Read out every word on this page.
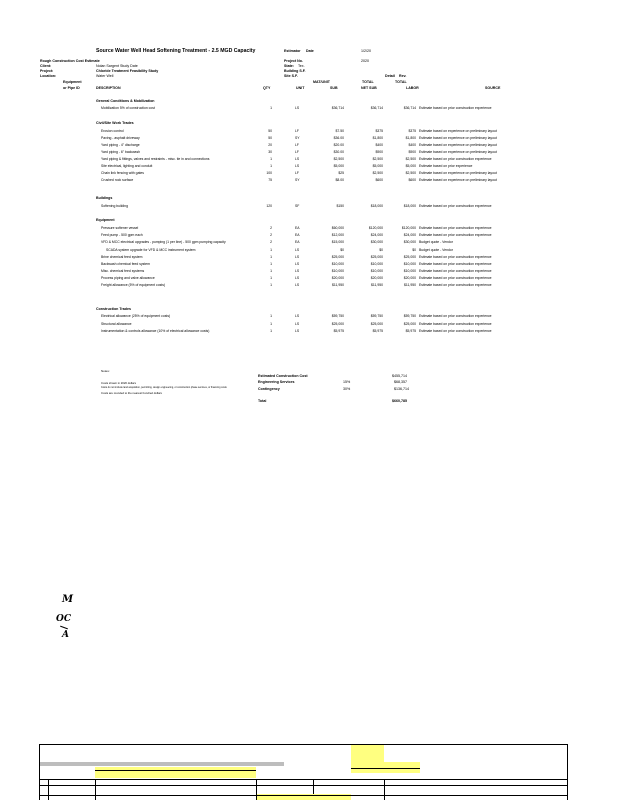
Source Water Well Head Softening Treatment - 2.5 MGD Capacity	Estimator Date	1/2/20
Rough Construction Cost Estimate	Project No.	2020
Client:	Nolan Sargent Study Date	State: Tex.
Project:	Chloride Treatment Feasibility Study	Building S.F.
Location:	Water Well	Site S.F.	Detail Rev.
Equipment	MAT/UNIT	TOTAL	TOTAL
or Pipe ID	DESCRIPTION	QTY	UNIT	SUB	NET SUB	LABOR	SOURCE
General Conditions & Mobilization
Mobilization 5% of construction cost	1	LS	$36,714	$36,714	$36,714 Estimate based on prior construction experience
Civil/Site Work Trades
Erosion control	50	LF	$7.50	$375	$375 Estimate based on experience on preliminary layout
Paving - asphalt driveway	50	SY	$36.00	$1,800	$1,800 Estimate based on experience on preliminary layout
Yard piping - 4" discharge	20	LF	$20.00	$400	$400 Estimate based on experience on preliminary layout
Yard piping - 6" backwash	30	LF	$30.00	$900	$900 Estimate based on experience on preliminary layout
Yard piping & fittings, valves and restraints - misc. tie in and connections	1	LS	$2,500	$2,500	$2,500 Estimate based on prior construction experience
Site electrical, lighting and conduit	1	LS	$5,000	$5,000	$5,000 Estimate based on prior experience
Chain link fencing with gates	100	LF	$25	$2,500	$2,500 Estimate based on experience on preliminary layout
Crushed rock surface	75	SY	$8.00	$600	$600 Estimate based on experience on preliminary layout
Buildings
Softening building	120	SF	$150	$18,000	$18,000 Estimate based on prior construction experience
Equipment
Pressure softener vessel	2	EA	$60,000	$120,000	$120,000 Estimate based on prior construction experience
Feed pump - 500 gpm each	2	EA	$12,000	$24,000	$24,000 Estimate based on prior construction experience
VFD & MCC electrical upgrades - pumping (1 per line) - 500 gpm pumping capacity	2	EA	$15,000	$30,000	$30,000 Budget quote - Vendor
SCADA system upgrade for VFD & MCC instrument system	1	LS	$0	$0	$0 Budget quote - Vendor
Brine chemical feed system	1	LS	$25,000	$25,000	$25,000 Estimate based on prior construction experience
Backwash chemical feed system	1	LS	$10,000	$10,000	$10,000 Estimate based on prior construction experience
Misc. chemical feed systems	1	LS	$10,000	$10,000	$10,000 Estimate based on prior construction experience
Process piping and valve allowance	1	LS	$20,000	$20,000	$20,000 Estimate based on prior construction experience
Freight allowance (5% of equipment costs)	1	LS	$11,950	$11,950	$11,950 Estimate based on prior construction experience
Construction Trades
Electrical allowance (25% of equipment costs)	1	LS	$59,750	$59,750	$59,750 Estimate based on prior construction experience
Structural allowance	1	LS	$25,000	$25,000	$25,000 Estimate based on prior construction experience
Instrumentation & controls allowance (10% of electrical allowance costs)	1	LS	$5,975	$5,975	$5,975 Estimate based on prior construction experience
Notes:
Costs shown in 2020 dollars
Costs do not include land acquisition, permitting, design engineering, or construction phase services, or financing costs
Costs are rounded to the nearest hundred dollars
Estimated Construction Cost	$455,714
Engineering Services	15%	$68,357
Contingency	30%	$136,714
Total	$660,785
M
OC
A
